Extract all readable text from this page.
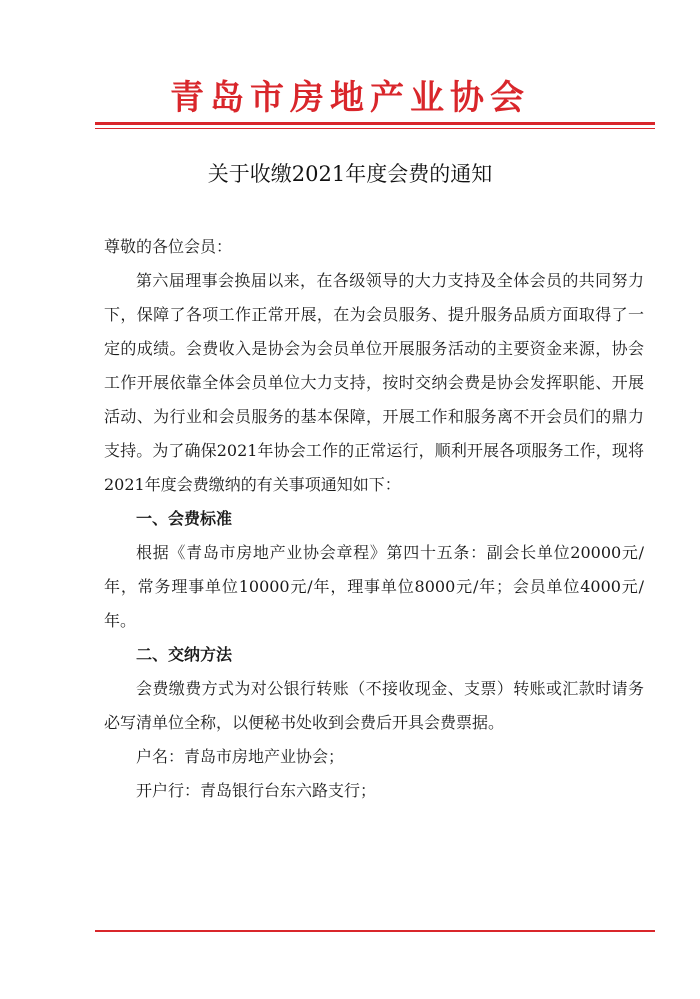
青岛市房地产业协会
关于收缴2021年度会费的通知

尊敬的各位会员：

第六届理事会换届以来，在各级领导的大力支持及全体会员的共同努力下，保障了各项工作正常开展，在为会员服务、提升服务品质方面取得了一定的成绩。会费收入是协会为会员单位开展服务活动的主要资金来源，协会工作开展依靠全体会员单位大力支持，按时交纳会费是协会发挥职能、开展活动、为行业和会员服务的基本保障，开展工作和服务离不开会员们的鼎力支持。为了确保2021年协会工作的正常运行，顺利开展各项服务工作，现将2021年度会费缴纳的有关事项通知如下：

一、会费标准

根据《青岛市房地产业协会章程》第四十五条：副会长单位20000元/年，常务理事单位10000元/年，理事单位8000元/年；会员单位4000元/年。

二、交纳方法

会费缴费方式为对公银行转账（不接收现金、支票）转账或汇款时请务必写清单位全称，以便秘书处收到会费后开具会费票据。

户名：青岛市房地产业协会；

开户行：青岛银行台东六路支行；
